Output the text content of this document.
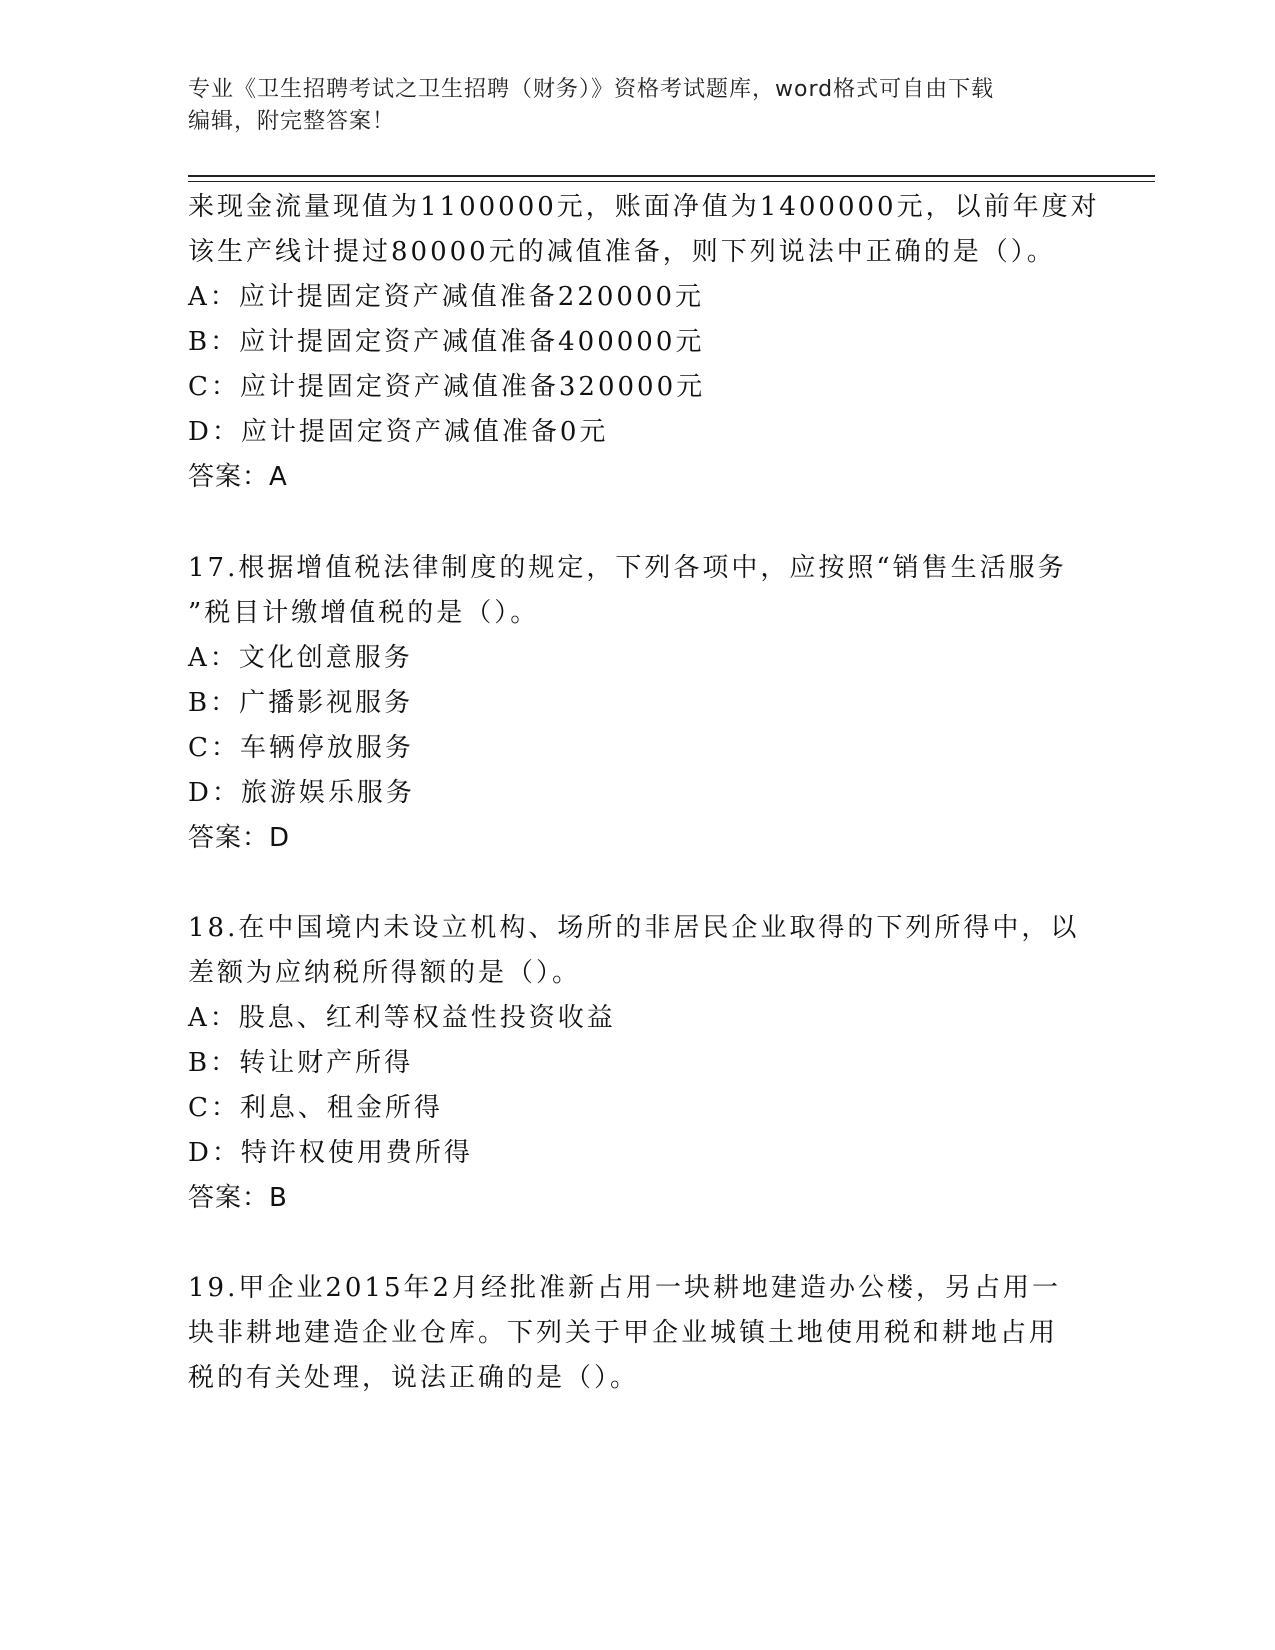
专业《卫生招聘考试之卫生招聘（财务）》资格考试题库，word格式可自由下载
编辑，附完整答案！
来现金流量现值为1100000元，账面净值为1400000元，以前年度对
该生产线计提过80000元的减值准备，则下列说法中正确的是（）。
A：应计提固定资产减值准备220000元
B：应计提固定资产减值准备400000元
C：应计提固定资产减值准备320000元
D：应计提固定资产减值准备0元
答案：A
17.根据增值税法律制度的规定，下列各项中，应按照“销售生活服务
”税目计缴增值税的是（）。
A：文化创意服务
B：广播影视服务
C：车辆停放服务
D：旅游娱乐服务
答案：D
18.在中国境内未设立机构、场所的非居民企业取得的下列所得中，以
差额为应纳税所得额的是（）。
A：股息、红利等权益性投资收益
B：转让财产所得
C：利息、租金所得
D：特许权使用费所得
答案：B
19.甲企业2015年2月经批准新占用一块耕地建造办公楼，另占用一
块非耕地建造企业仓库。下列关于甲企业城镇土地使用税和耕地占用
税的有关处理，说法正确的是（）。
